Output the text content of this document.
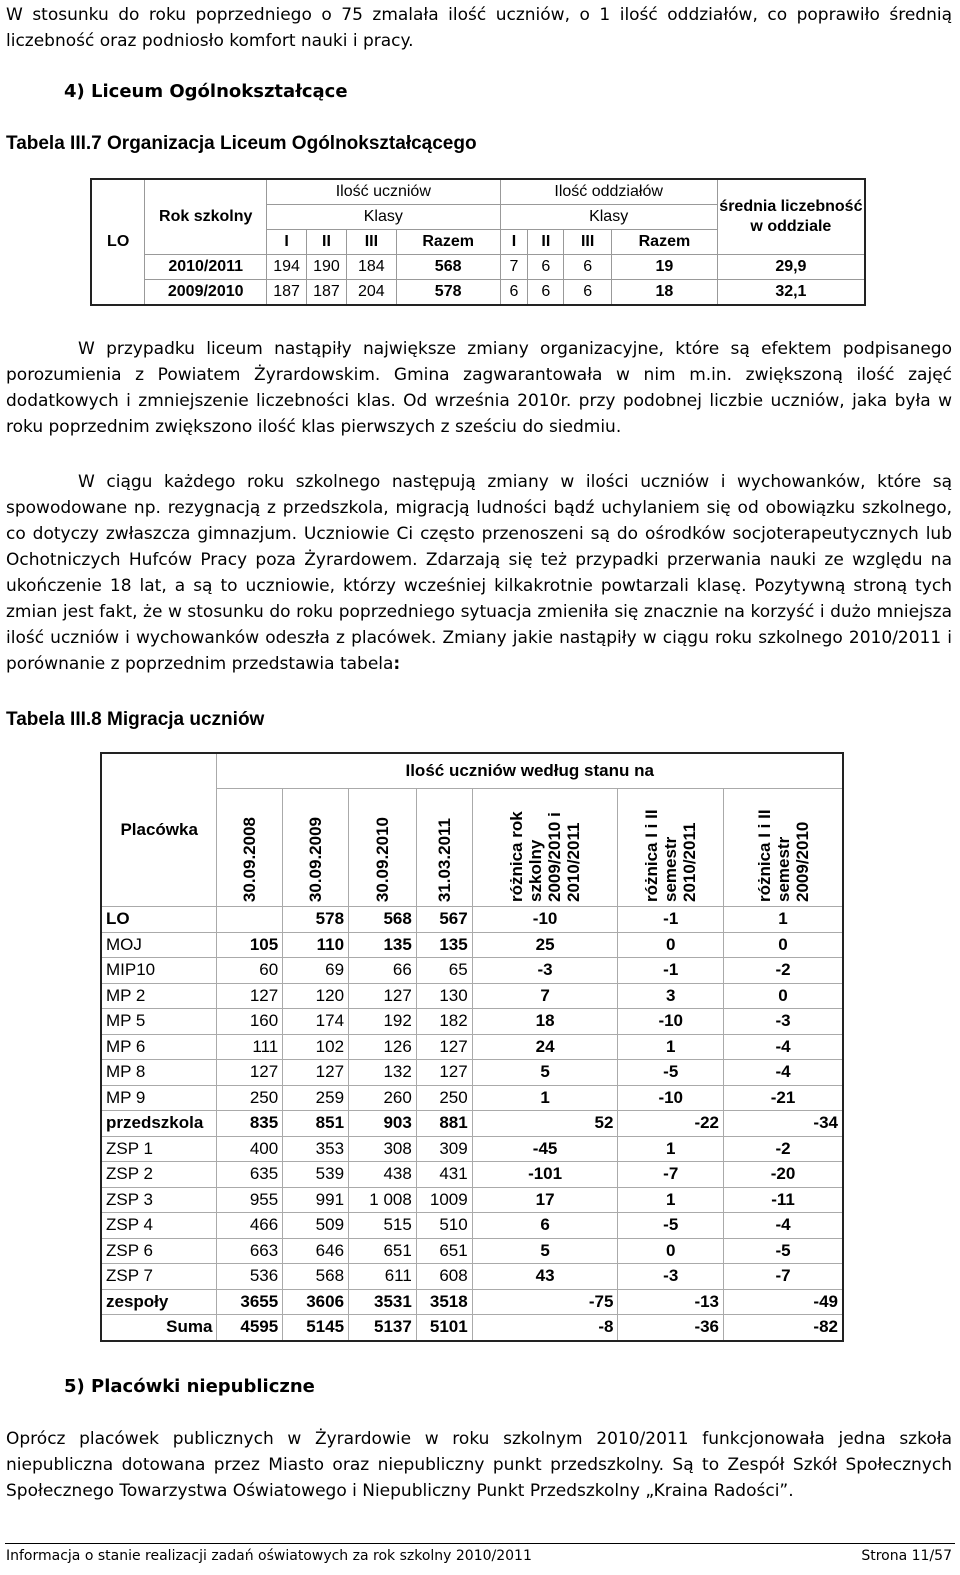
W stosunku do roku poprzedniego o 75 zmalała ilość uczniów, o 1 ilość oddziałów, co poprawiło średnią liczebność oraz podniosło komfort nauki i pracy.

4) Liceum Ogólnokształcące
Tabela III.7 Organizacja Liceum Ogólnokształcącego
LO	Rok szkolny	Ilość uczniów				Ilość oddziałów				średnia liczebność w oddziale
		Klasy				Klasy				
		I	II	III	Razem	I	II	III	Razem	
	2010/2011	194	190	184	568	7	6	6	19	29,9
	2009/2010	187	187	204	578	6	6	6	18	32,1

W przypadku liceum nastąpiły największe zmiany organizacyjne, które są efektem podpisanego porozumienia z Powiatem Żyrardowskim. Gmina zagwarantowała w nim m.in. zwiększoną ilość zajęć dodatkowych i zmniejszenie liczebności klas. Od września 2010r. przy podobnej liczbie uczniów, jaka była w roku poprzednim zwiększono ilość klas pierwszych z sześciu do siedmiu.

W ciągu każdego roku szkolnego następują zmiany w ilości uczniów i wychowanków, które są spowodowane np. rezygnacją z przedszkola, migracją ludności bądź uchylaniem się od obowiązku szkolnego, co dotyczy zwłaszcza gimnazjum. Uczniowie Ci często przenoszeni są do ośrodków socjoterapeutycznych lub Ochotniczych Hufców Pracy poza Żyrardowem. Zdarzają się też przypadki przerwania nauki ze względu na ukończenie 18 lat, a są to uczniowie, którzy wcześniej kilkakrotnie powtarzali klasę. Pozytywną stroną tych zmian jest fakt, że w stosunku do roku poprzedniego sytuacja zmieniła się znacznie na korzyść i dużo mniejsza ilość uczniów i wychowanków odeszła z placówek. Zmiany jakie nastąpiły w ciągu roku szkolnego 2010/2011 i porównanie z poprzednim przedstawia tabela:

Tabela III.8 Migracja uczniów
Placówka	Ilość uczniów według stanu na						

	30.09.2008	30.09.2009	30.09.2010	31.03.2011	różnica rok szkolny 2009/2010 i 2010/2011	różnica I i II semestr 2010/2011	różnica I i II semestr 2009/2010

LO		578	568	567	-10	-1	1
MOJ	105	110	135	135	25	0	0
MIP10	60	69	66	65	-3	-1	-2
MP 2	127	120	127	130	7	3	0
MP 5	160	174	192	182	18	-10	-3
MP 6	111	102	126	127	24	1	-4
MP 8	127	127	132	127	5	-5	-4
MP 9	250	259	260	250	1	-10	-21
przedszkola	835	851	903	881	52	-22	-34
ZSP 1	400	353	308	309	-45	1	-2
ZSP 2	635	539	438	431	-101	-7	-20
ZSP 3	955	991	1 008	1009	17	1	-11
ZSP 4	466	509	515	510	6	-5	-4
ZSP 6	663	646	651	651	5	0	-5
ZSP 7	536	568	611	608	43	-3	-7
zespoły	3655	3606	3531	3518	-75	-13	-49
Suma	4595	5145	5137	5101	-8	-36	-82
5) Placówki niepubliczne

Oprócz placówek publicznych w Żyrardowie w roku szkolnym 2010/2011 funkcjonowała jedna szkoła niepubliczna dotowana przez Miasto oraz niepubliczny punkt przedszkolny. Są to Zespół Szkół Społecznych Społecznego Towarzystwa Oświatowego i Niepubliczny Punkt Przedszkolny „Kraina Radości”.

Informacja o stanie realizacji zadań oświatowych za rok szkolny 2010/2011	Strona 11/57
